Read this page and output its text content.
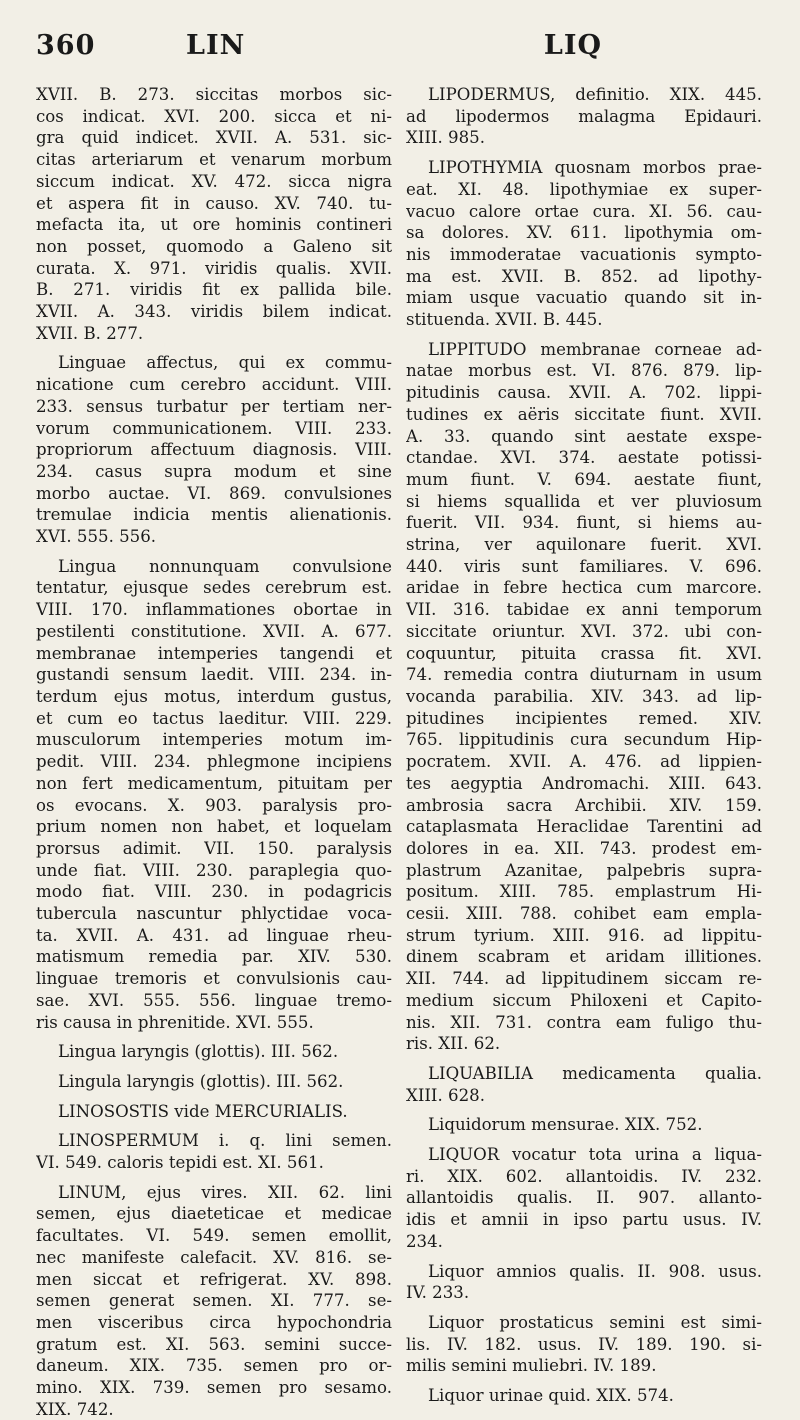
360	LIN	LIQ
XVII. B. 273. siccitas morbos sic-
cos indicat. XVI. 200. sicca et ni-
gra quid indicet. XVII. A. 531. sic-
citas arteriarum et venarum morbum
siccum indicat. XV. 472. sicca nigra
et aspera fit in causo. XV. 740. tu-
mefacta ita, ut ore hominis contineri
non posset, quomodo a Galeno sit
curata. X. 971. viridis qualis. XVII.
B. 271. viridis fit ex pallida bile.
XVII. A. 343. viridis bilem indicat.
XVII. B. 277.
Linguae affectus, qui ex commu-
nicatione cum cerebro accidunt. VIII.
233. sensus turbatur per tertiam ner-
vorum communicationem. VIII. 233.
propriorum affectuum diagnosis. VIII.
234. casus supra modum et sine
morbo auctae. VI. 869. convulsiones
tremulae indicia mentis alienationis.
XVI. 555. 556.
Lingua nonnunquam convulsione
tentatur, ejusque sedes cerebrum est.
VIII. 170. inflammationes obortae in
pestilenti constitutione. XVII. A. 677.
membranae intemperies tangendi et
gustandi sensum laedit. VIII. 234. in-
terdum ejus motus, interdum gustus,
et cum eo tactus laeditur. VIII. 229.
musculorum intemperies motum im-
pedit. VIII. 234. phlegmone incipiens
non fert medicamentum, pituitam per
os evocans. X. 903. paralysis pro-
prium nomen non habet, et loquelam
prorsus adimit. VII. 150. paralysis
unde fiat. VIII. 230. paraplegia quo-
modo fiat. VIII. 230. in podagricis
tubercula nascuntur phlyctidae voca-
ta. XVII. A. 431. ad linguae rheu-
matismum remedia par. XIV. 530.
linguae tremoris et convulsionis cau-
sae. XVI. 555. 556. linguae tremo-
ris causa in phrenitide. XVI. 555.
Lingua laryngis (glottis). III. 562.
Lingula laryngis (glottis). III. 562.
LINOSOSTIS vide MERCURIALIS.
LINOSPERMUM i. q. lini semen.
VI. 549. caloris tepidi est. XI. 561.
LINUM, ejus vires. XII. 62. lini
semen, ejus diaeteticae et medicae
facultates. VI. 549. semen emollit,
nec manifeste calefacit. XV. 816. se-
men siccat et refrigerat. XV. 898.
semen generat semen. XI. 777. se-
men visceribus circa hypochondria
gratum est. XI. 563. semini succe-
daneum. XIX. 735. semen pro or-
mino. XIX. 739. semen pro sesamo.
XIX. 742.
LIPODERMUS, definitio. XIX. 445.
ad lipodermos malagma Epidauri.
XIII. 985.
LIPOTHYMIA quosnam morbos prae-
eat. XI. 48. lipothymiae ex super-
vacuo calore ortae cura. XI. 56. cau-
sa dolores. XV. 611. lipothymia om-
nis immoderatae vacuationis sympto-
ma est. XVII. B. 852. ad lipothy-
miam usque vacuatio quando sit in-
stituenda. XVII. B. 445.
LIPPITUDO membranae corneae ad-
natae morbus est. VI. 876. 879. lip-
pitudinis causa. XVII. A. 702. lippi-
tudines ex aëris siccitate fiunt. XVII.
A. 33. quando sint aestate exspe-
ctandae. XVI. 374. aestate potissi-
mum fiunt. V. 694. aestate fiunt,
si hiems squallida et ver pluviosum
fuerit. VII. 934. fiunt, si hiems au-
strina, ver aquilonare fuerit. XVI.
440. viris sunt familiares. V. 696.
aridae in febre hectica cum marcore.
VII. 316. tabidae ex anni temporum
siccitate oriuntur. XVI. 372. ubi con-
coquuntur, pituita crassa fit. XVI.
74. remedia contra diuturnam in usum
vocanda parabilia. XIV. 343. ad lip-
pitudines incipientes remed. XIV.
765. lippitudinis cura secundum Hip-
pocratem. XVII. A. 476. ad lippien-
tes aegyptia Andromachi. XIII. 643.
ambrosia sacra Archibii. XIV. 159.
cataplasmata Heraclidae Tarentini ad
dolores in ea. XII. 743. prodest em-
plastrum Azanitae, palpebris supra-
positum. XIII. 785. emplastrum Hi-
cesii. XIII. 788. cohibet eam empla-
strum tyrium. XIII. 916. ad lippitu-
dinem scabram et aridam illitiones.
XII. 744. ad lippitudinem siccam re-
medium siccum Philoxeni et Capito-
nis. XII. 731. contra eam fuligo thu-
ris. XII. 62.
LIQUABILIA medicamenta qualia.
XIII. 628.
Liquidorum mensurae. XIX. 752.
LIQUOR vocatur tota urina a liqua-
ri. XIX. 602. allantoidis. IV. 232.
allantoidis qualis. II. 907. allanto-
idis et amnii in ipso partu usus. IV.
234.
Liquor amnios qualis. II. 908. usus.
IV. 233.
Liquor prostaticus semini est simi-
lis. IV. 182. usus. IV. 189. 190. si-
milis semini muliebri. IV. 189.
Liquor urinae quid. XIX. 574.
